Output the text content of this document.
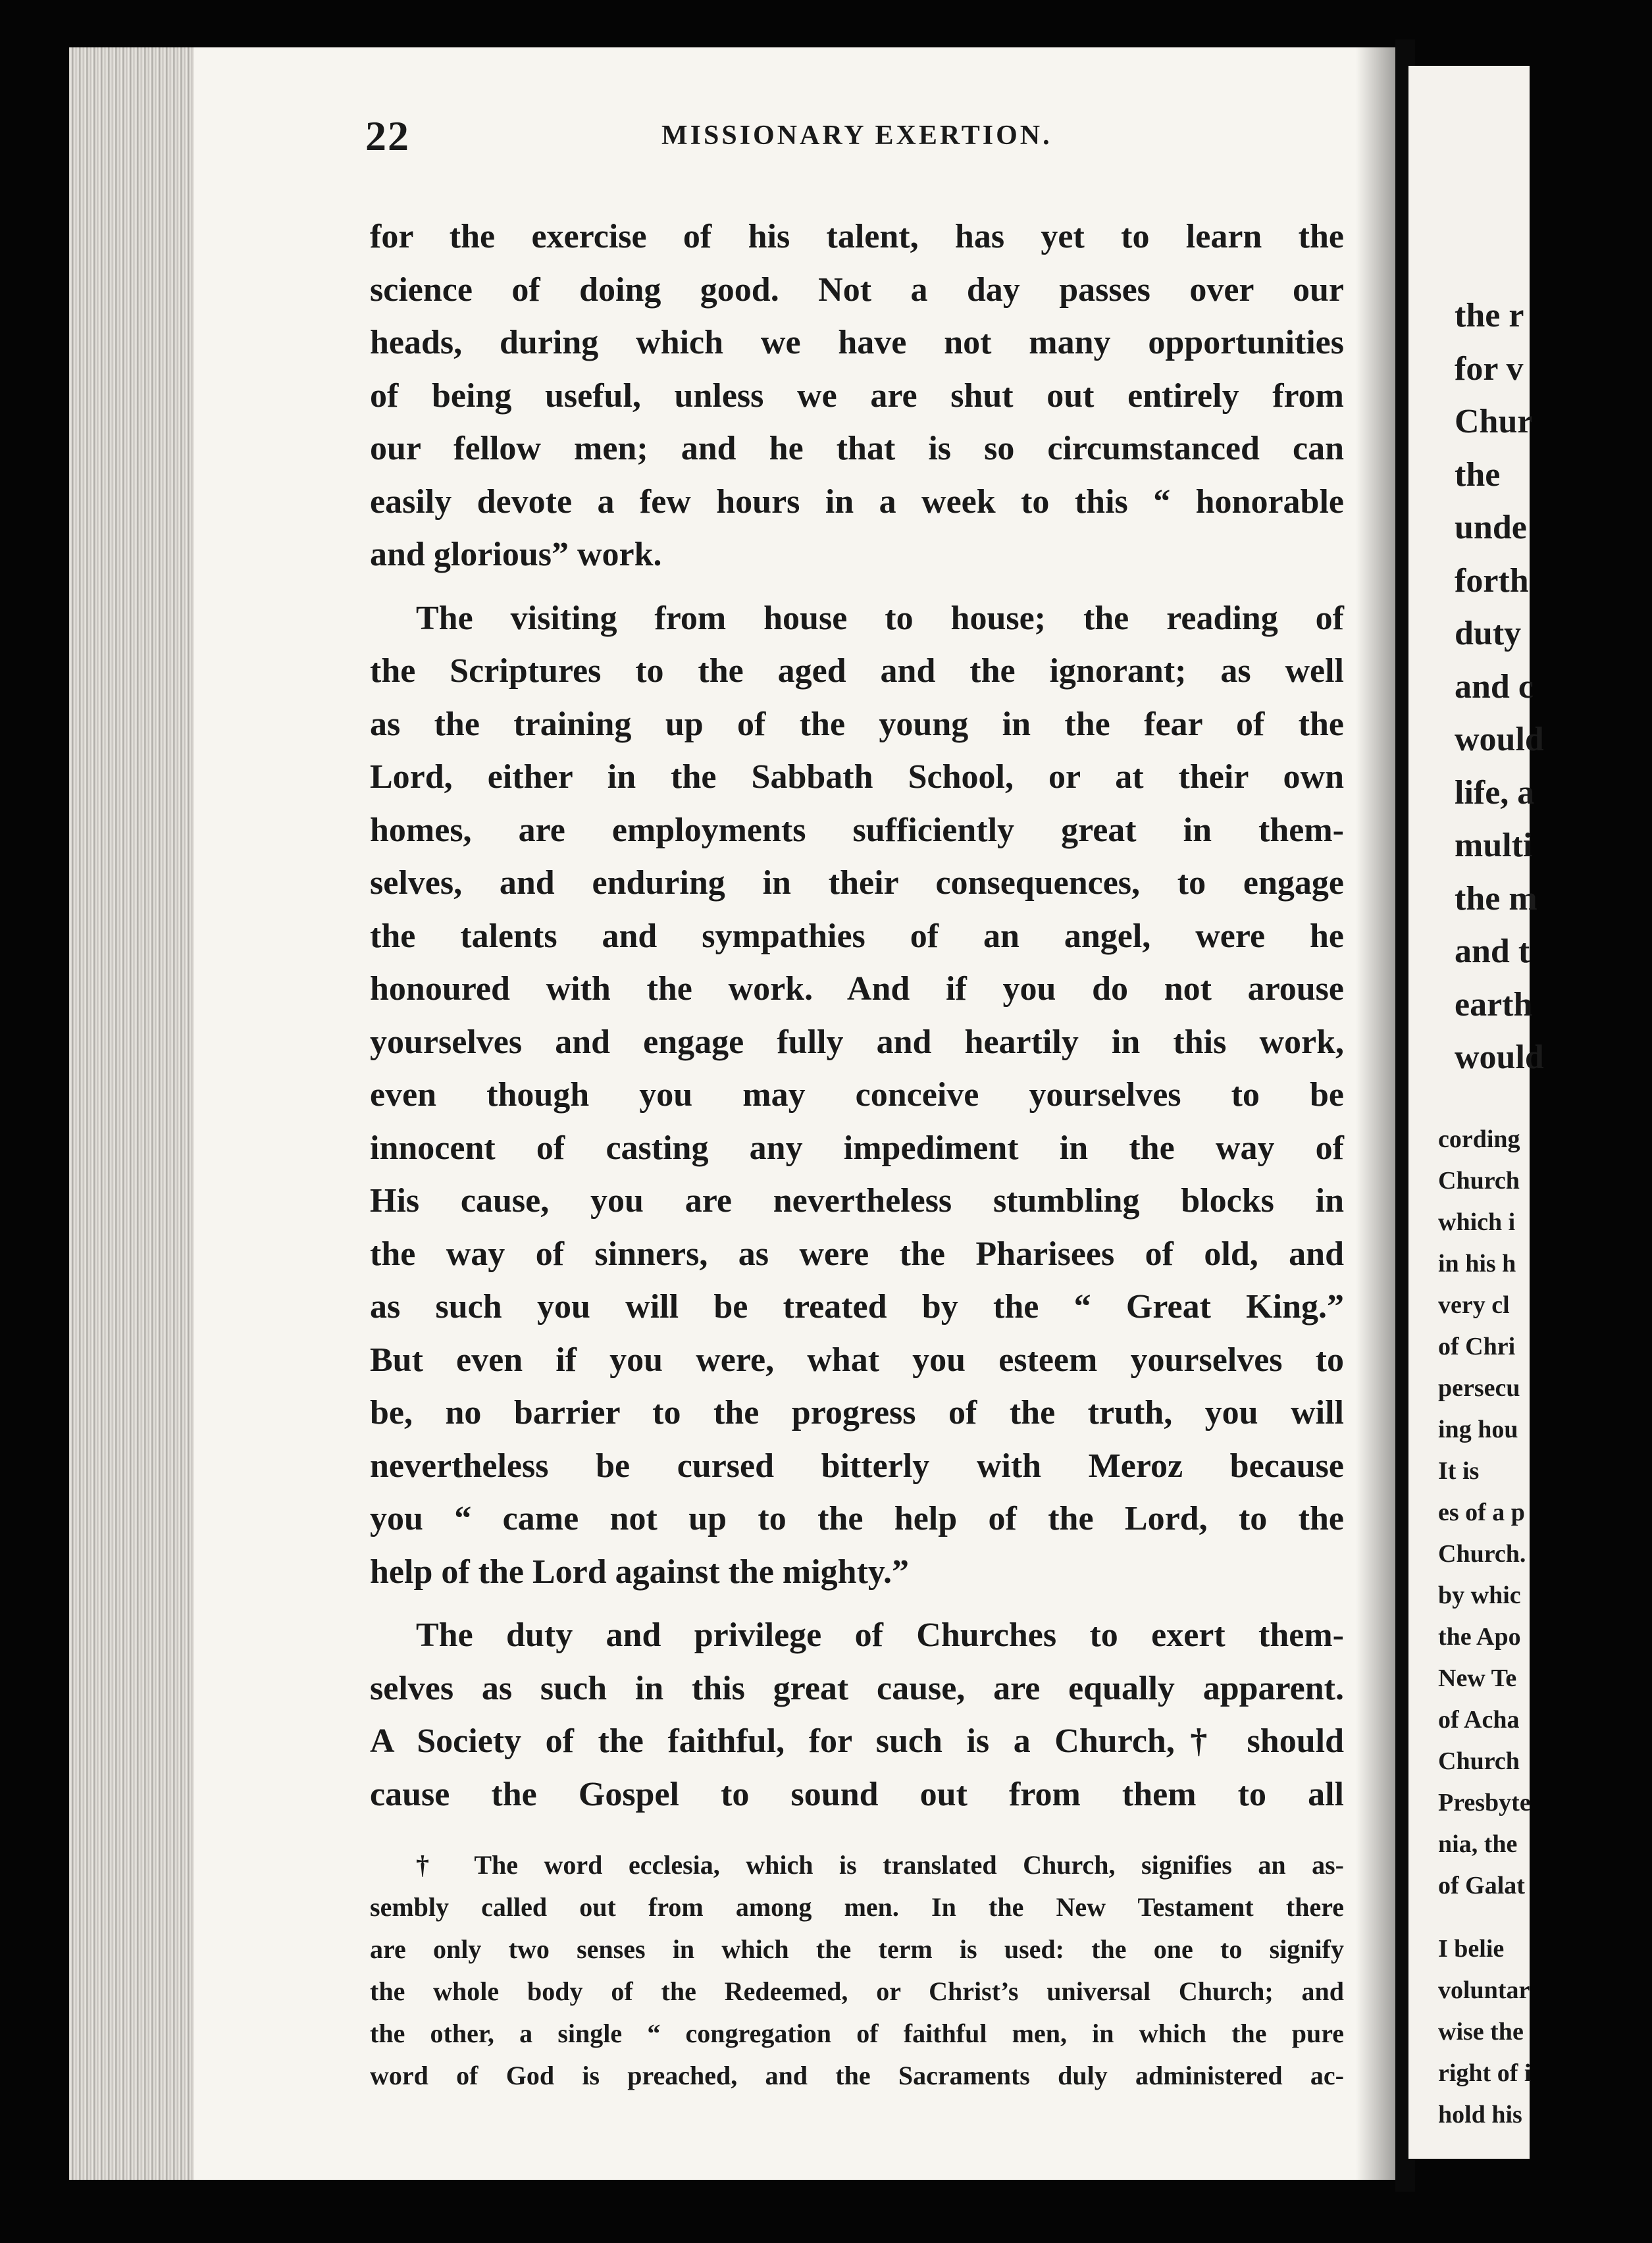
22	MISSIONARY EXERTION.
for the exercise of his talent, has yet to learn the
science of doing good. Not a day passes over our
heads, during which we have not many opportunities
of being useful, unless we are shut out entirely from
our fellow men; and he that is so circumstanced can
easily devote a few hours in a week to this “ honorable
and glorious” work.
The visiting from house to house; the reading of
the Scriptures to the aged and the ignorant; as well
as the training up of the young in the fear of the
Lord, either in the Sabbath School, or at their own
homes, are employments sufficiently great in them-
selves, and enduring in their consequences, to engage
the talents and sympathies of an angel, were he
honoured with the work. And if you do not arouse
yourselves and engage fully and heartily in this work,
even though you may conceive yourselves to be
innocent of casting any impediment in the way of
His cause, you are nevertheless stumbling blocks in
the way of sinners, as were the Pharisees of old, and
as such you will be treated by the “ Great King.”
But even if you were, what you esteem yourselves to
be, no barrier to the progress of the truth, you will
nevertheless be cursed bitterly with Meroz because
you “ came not up to the help of the Lord, to the
help of the Lord against the mighty.”
The duty and privilege of Churches to exert them-
selves as such in this great cause, are equally apparent.
A Society of the faithful, for such is a Church,† should
cause the Gospel to sound out from them to all
† The word ecclesia, which is translated Church, signifies an as-
sembly called out from among men. In the New Testament there
are only two senses in which the term is used: the one to signify
the whole body of the Redeemed, or Christ’s universal Church; and
the other, a single “ congregation of faithful men, in which the pure
word of God is preached, and the Sacraments duly administered ac-
the r
for v
Chur
the
unde
forth
duty
and c
would
life, a
multi
the m
and t
earth
would
cording
Church
which i
in his h
very cl
of Chri
persecu
ing hou
It is
es of a p
Church.
by whic
the Apo
New Te
of Acha
Church
Presbyte
nia, the
of Galat
I belie
voluntar
wise the
right of i
hold his
